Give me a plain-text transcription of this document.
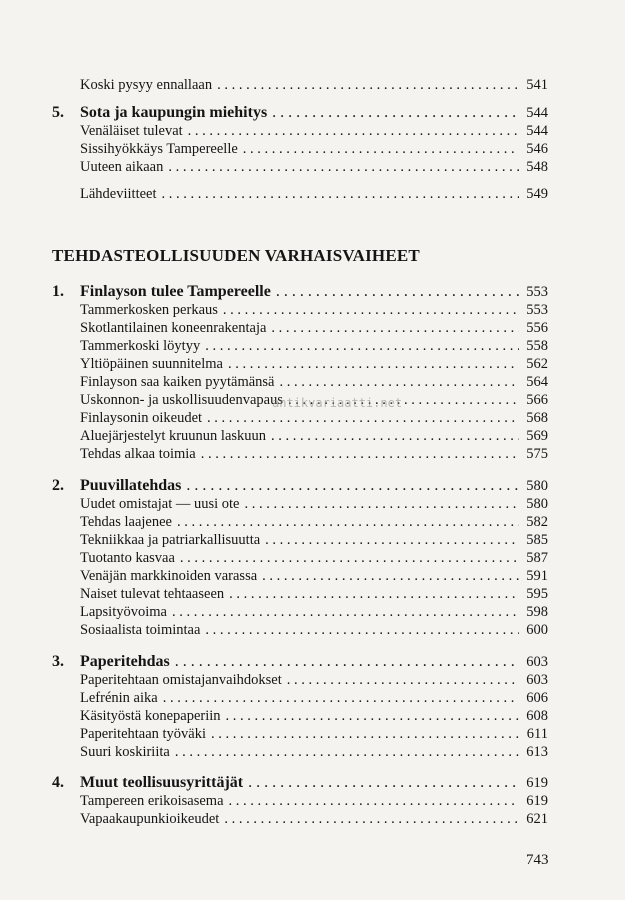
Koski pysyy ennallaan . . .	541
5.	Sota ja kaupungin miehitys . . .	544
Venäläiset tulevat . . .	544
Sissihyökkäys Tampereelle . . .	546
Uuteen aikaan . . .	548
Lähdeviitteet . . .	549
TEHDASTEOLLISUUDEN VARHAISVAIHEET
1.	Finlayson tulee Tampereelle . . .	553
Tammerkosken perkaus . . .	553
Skotlantilainen koneenrakentaja . . .	556
Tammerkoski löytyy . . .	558
Yltiöpäinen suunnitelma . . .	562
Finlayson saa kaiken pyytämänsä . . .	564
Uskonnon- ja uskollisuudenvapaus . . .	566
Finlaysonin oikeudet . . .	568
Aluejärjestelyt kruunun laskuun . . .	569
Tehdas alkaa toimia . . .	575
2.	Puuvillatehdas . . .	580
Uudet omistajat — uusi ote . . .	580
Tehdas laajenee . . .	582
Tekniikkaa ja patriarkallisuutta . . .	585
Tuotanto kasvaa . . .	587
Venäjän markkinoiden varassa . . .	591
Naiset tulevat tehtaaseen . . .	595
Lapsityövoima . . .	598
Sosiaalista toimintaa . . .	600
3.	Paperitehdas . . .	603
Paperitehtaan omistajanvaihdokset . . .	603
Lefrénin aika . . .	606
Käsityöstä konepaperiin . . .	608
Paperitehtaan työväki . . .	611
Suuri koskiriita . . .	613
4.	Muut teollisuusyrittäjät . . .	619
Tampereen erikoisasema . . .	619
Vapaakaupunkioikeudet . . .	621
antikvariaatti.net
743
